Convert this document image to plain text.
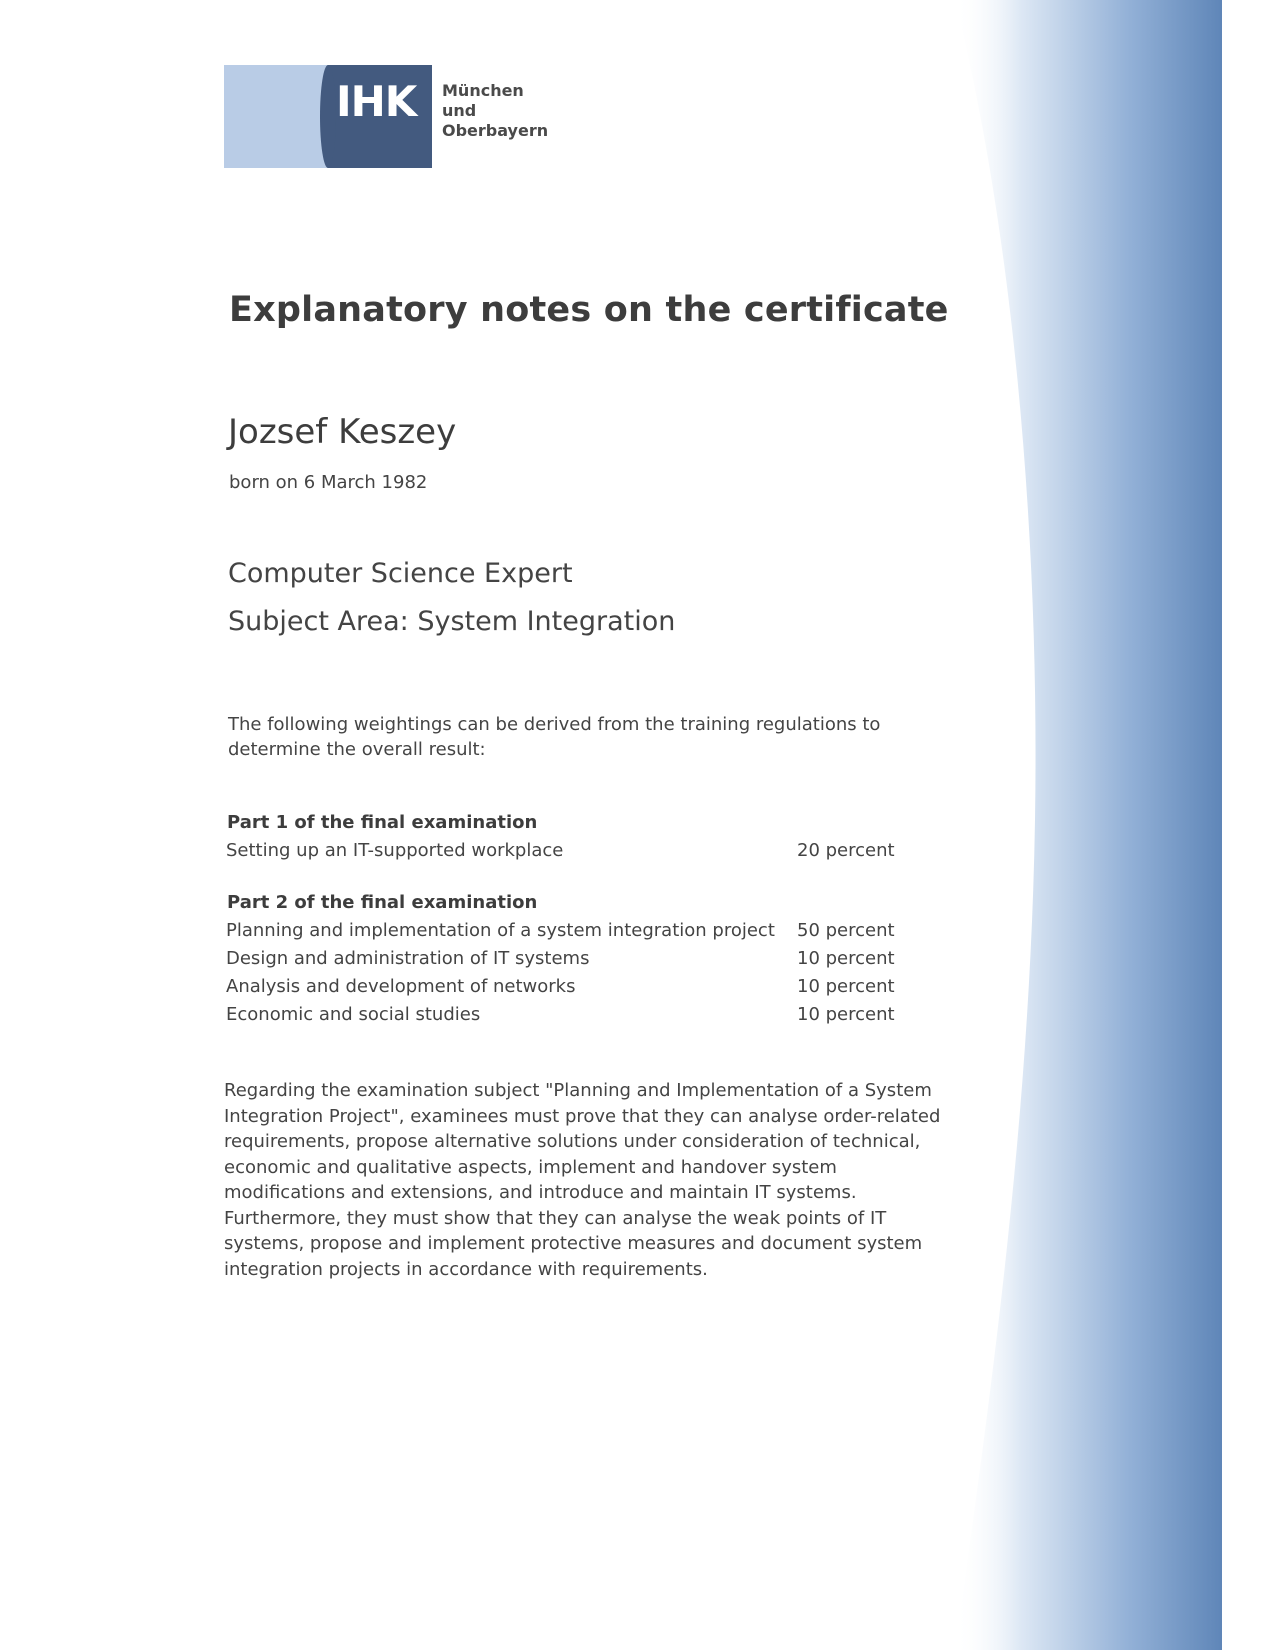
IHK München und
Oberbayern
Explanatory notes on the certificate
Jozsef Keszey
born on 6 March 1982
Computer Science Expert
Subject Area: System Integration
The following weightings can be derived from the training regulations to determine the overall result:
Part 1 of the final examination
Setting up an IT-supported workplace	20 percent
Part 2 of the final examination
Planning and implementation of a system integration project 50 percent
Design and administration of IT systems	10 percent
Analysis and development of networks	10 percent
Economic and social studies	10 percent
Regarding the examination subject "Planning and Implementation of a System Integration Project", examinees must prove that they can analyse order-related requirements, propose alternative solutions under consideration of technical, economic and qualitative aspects, implement and handover system modifications and extensions, and introduce and maintain IT systems. Furthermore, they must show that they can analyse the weak points of IT systems, propose and implement protective measures and document system integration projects in accordance with requirements.
